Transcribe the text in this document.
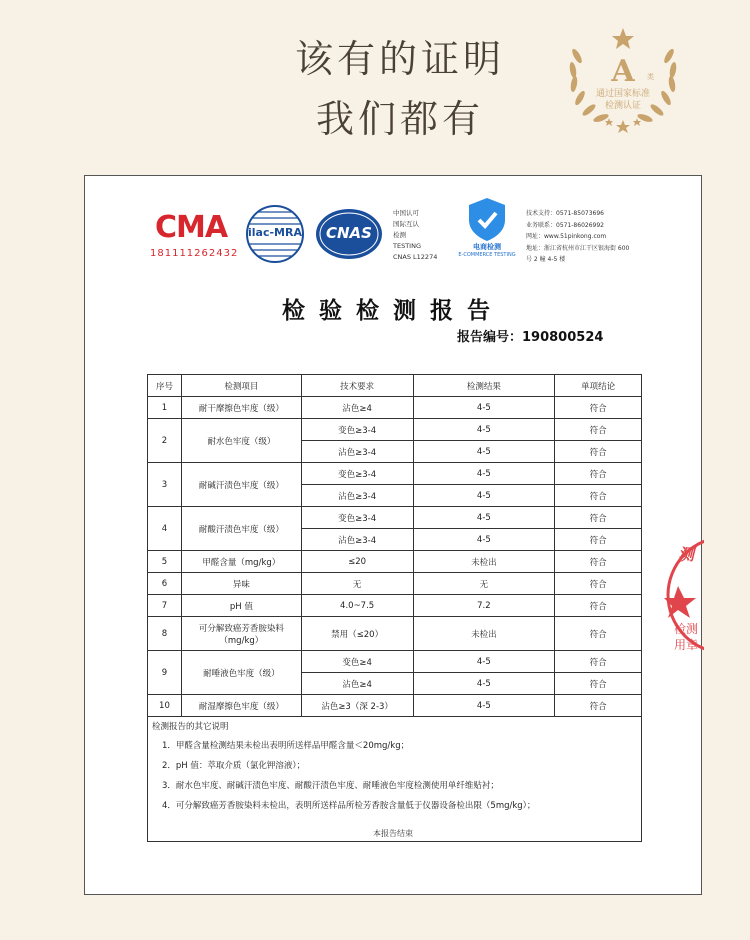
该有的证明
我们都有
A	类
通过国家标准
检测认证
CMA
181111262432
ilac-MRA	CNAS
中国认可
国际互认
检测
TESTING
CNAS L12274
电商检测
E-COMMERCE TESTING
技术支持：0571-85073696
业务联系：0571-86026992
网址：www.51pinkong.com
地址：浙江省杭州市江干区银海街 600
号 2 幢 4-5 楼
检验检测报告
报告编号：190800524
序号	检测项目	技术要求	检测结果	单项结论
1	耐干摩擦色牢度（级）	沾色≥4	4-5	符合
2	耐水色牢度（级）	变色≥3-4	4-5	符合
		沾色≥3-4	4-5	符合
3	耐碱汗渍色牢度（级）	变色≥3-4	4-5	符合
		沾色≥3-4	4-5	符合
4	耐酸汗渍色牢度（级）	变色≥3-4	4-5	符合
		沾色≥3-4	4-5	符合
5	甲醛含量（mg/kg）	≤20	未检出	符合
6	异味	无	无	符合
7	pH 值	4.0~7.5	7.2	符合
8	可分解致癌芳香胺染料（mg/kg）	禁用（≤20）	未检出	符合
9	耐唾液色牢度（级）	变色≥4	4-5	符合
		沾色≥4	4-5	符合
10	耐湿摩擦色牢度（级）	沾色≥3（深 2-3）	4-5	符合
检测报告的其它说明				
1．甲醛含量检测结果未检出表明所送样品甲醛含量＜20mg/kg；				
2．pH 值：萃取介质（氯化钾溶液）；				
3．耐水色牢度、耐碱汗渍色牢度、耐酸汗渍色牢度、耐唾液色牢度检测使用单纤维贴衬；				
4．可分解致癌芳香胺染料未检出，表明所送样品所检芳香胺含量低于仪器设备检出限（5mg/kg）；				

本报告结束
测
检测
用章
